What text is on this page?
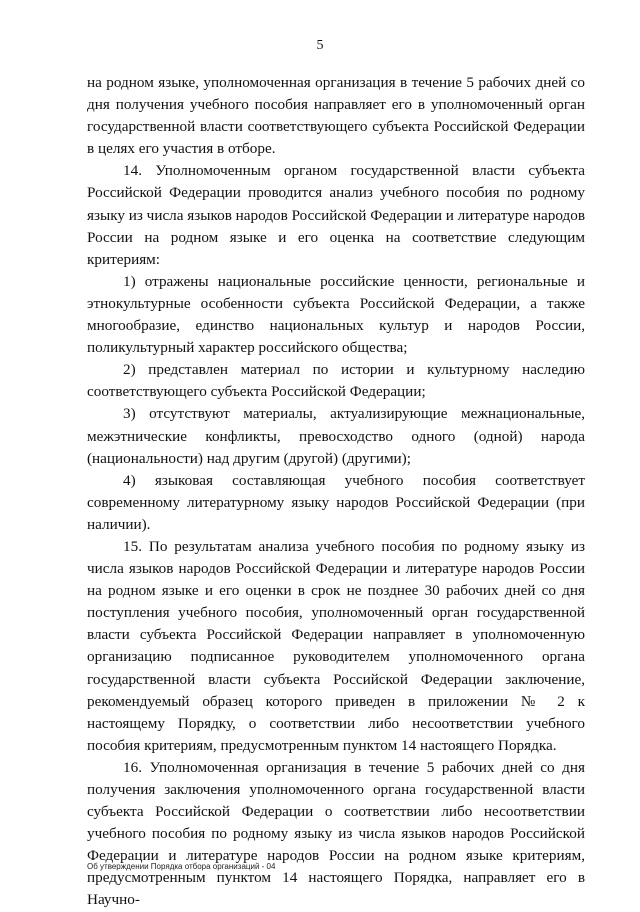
5

на родном языке, уполномоченная организация в течение 5 рабочих дней со дня получения учебного пособия направляет его в уполномоченный орган государственной власти соответствующего субъекта Российской Федерации в целях его участия в отборе.

14. Уполномоченным органом государственной власти субъекта Российской Федерации проводится анализ учебного пособия по родному языку из числа языков народов Российской Федерации и литературе народов России на родном языке и его оценка на соответствие следующим критериям:

1) отражены национальные российские ценности, региональные и этнокультурные особенности субъекта Российской Федерации, а также многообразие, единство национальных культур и народов России, поликультурный характер российского общества;

2) представлен материал по истории и культурному наследию соответствующего субъекта Российской Федерации;

3) отсутствуют материалы, актуализирующие межнациональные, межэтнические конфликты, превосходство одного (одной) народа (национальности) над другим (другой) (другими);

4) языковая составляющая учебного пособия соответствует современному литературному языку народов Российской Федерации (при наличии).

15. По результатам анализа учебного пособия по родному языку из числа языков народов Российской Федерации и литературе народов России на родном языке и его оценки в срок не позднее 30 рабочих дней со дня поступления учебного пособия, уполномоченный орган государственной власти субъекта Российской Федерации направляет в уполномоченную организацию подписанное руководителем уполномоченного органа государственной власти субъекта Российской Федерации заключение, рекомендуемый образец которого приведен в приложении № 2 к настоящему Порядку, о соответствии либо несоответствии учебного пособия критериям, предусмотренным пунктом 14 настоящего Порядка.

16. Уполномоченная организация в течение 5 рабочих дней со дня получения заключения уполномоченного органа государственной власти субъекта Российской Федерации о соответствии либо несоответствии учебного пособия по родному языку из числа языков народов Российской Федерации и литературе народов России на родном языке критериям, предусмотренным пунктом 14 настоящего Порядка, направляет его в Научно-

Об утверждении Порядка отбора организаций - 04
